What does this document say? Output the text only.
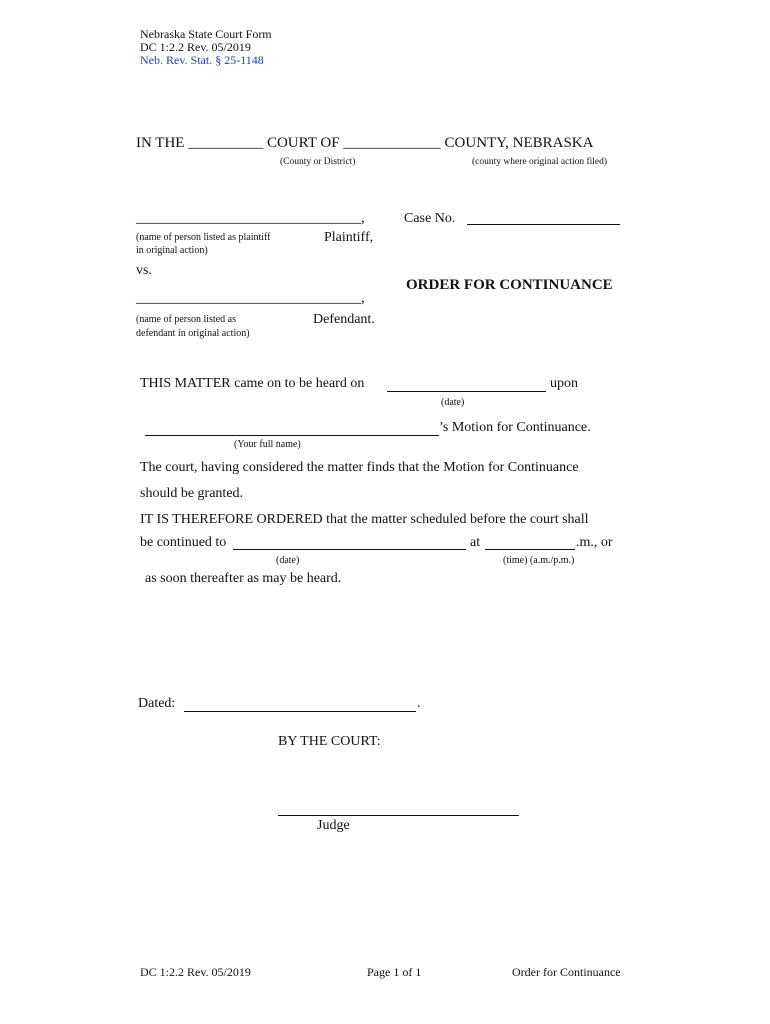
Nebraska State Court Form
DC 1:2.2 Rev. 05/2019
Neb. Rev. Stat. § 25-1148
IN THE __________ COURT OF _____________ COUNTY, NEBRASKA
(County or District)	(county where original action filed)
______________________________,	Case No.
(name of person listed as plaintiff
in original action)
Plaintiff,
vs.
ORDER FOR CONTINUANCE
______________________________,
(name of person listed as
defendant in original action)
Defendant.
THIS MATTER came on to be heard on	upon
(date)
’s Motion for Continuance.
(Your full name)
The court, having considered the matter finds that the Motion for Continuance
should be granted.
IT IS THEREFORE ORDERED that the matter scheduled before the court shall
be continued to	at	.m., or
(date)	(time) (a.m./p.m.)
as soon thereafter as may be heard.
Dated:	.
BY THE COURT:
Judge
DC 1:2.2 Rev. 05/2019	Page 1 of 1	Order for Continuance
